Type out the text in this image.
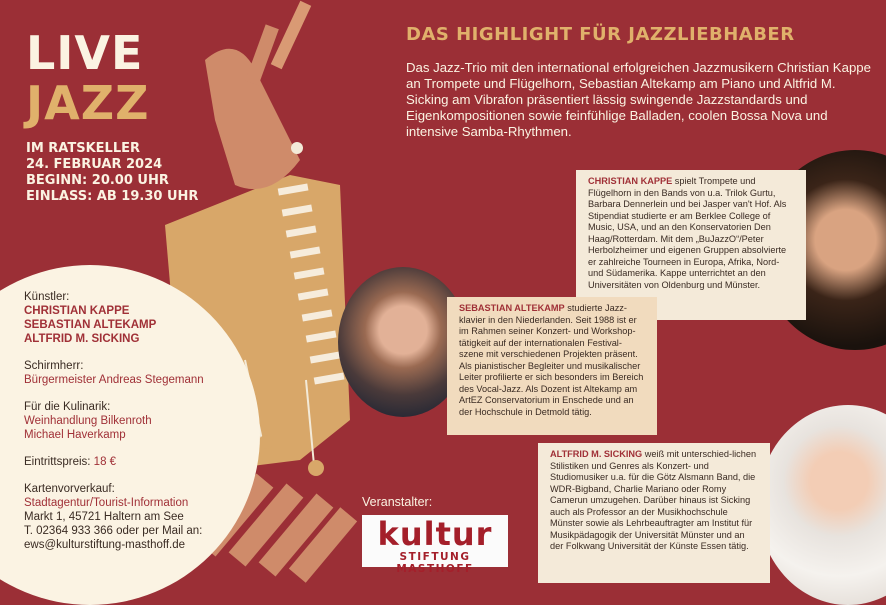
LIVE
JAZZ
IM RATSKELLER
24. FEBRUAR 2024
BEGINN: 20.00 UHR
EINLASS: AB 19.30 UHR
Künstler:
CHRISTIAN KAPPE
SEBASTIAN ALTEKAMP
ALTFRID M. SICKING
Schirmherr:
Bürgermeister Andreas Stegemann
Für die Kulinarik:
Weinhandlung Bilkenroth
Michael Haverkamp
Eintrittspreis: 18 €
Kartenvorverkauf:
Stadtagentur/Tourist-Information
Markt 1, 45721 Haltern am See
T. 02364 933 366 oder per Mail an:
ews@kulturstiftung-masthoff.de
DAS HIGHLIGHT FÜR JAZZLIEBHABER
Das Jazz-Trio mit den international erfolgreichen Jazzmusikern Christian Kappe an Trompete und Flügelhorn, Sebastian Altekamp am Piano und Altfrid M. Sicking am Vibrafon präsentiert lässig swingende Jazzstandards und Eigenkompositionen sowie feinfühlige Balladen, coolen Bossa Nova und intensive Samba-Rhythmen.
CHRISTIAN KAPPE spielt Trompete und Flügelhorn in den Bands von u.a. Trilok Gurtu, Barbara Dennerlein und bei Jasper van't Hof. Als Stipendiat studierte er am Berklee College of Music, USA, und an den Konservatorien Den Haag/Rotterdam. Mit dem „BuJazzO“/Peter Herbolzheimer und eigenen Gruppen absolvierte er zahlreiche Tourneen in Europa, Afrika, Nord- und Südamerika. Kappe unterrichtet an den Universitäten von Oldenburg und Münster.
SEBASTIAN ALTEKAMP studierte Jazz-klavier in den Niederlanden. Seit 1988 ist er im Rahmen seiner Konzert- und Workshop-tätigkeit auf der internationalen Festival-szene mit verschiedenen Projekten präsent. Als pianistischer Begleiter und musikalischer Leiter profilierte er sich besonders im Bereich des Vocal-Jazz. Als Dozent ist Altekamp am ArtEZ Conservatorium in Enschede und an der Hochschule in Detmold tätig.
ALTFRID M. SICKING weiß mit unterschied-lichen Stilistiken und Genres als Konzert- und Studiomusiker u.a. für die Götz Alsmann Band, die WDR-Bigband, Charlie Mariano oder Romy Camerun umzugehen. Darüber hinaus ist Sicking auch als Professor an der Musikhochschule Münster sowie als Lehrbeauftragter am Institut für Musikpädagogik der Universität Münster und an der Folkwang Universität der Künste Essen tätig.
Veranstalter:
kultur
STIFTUNG MASTHOFF
